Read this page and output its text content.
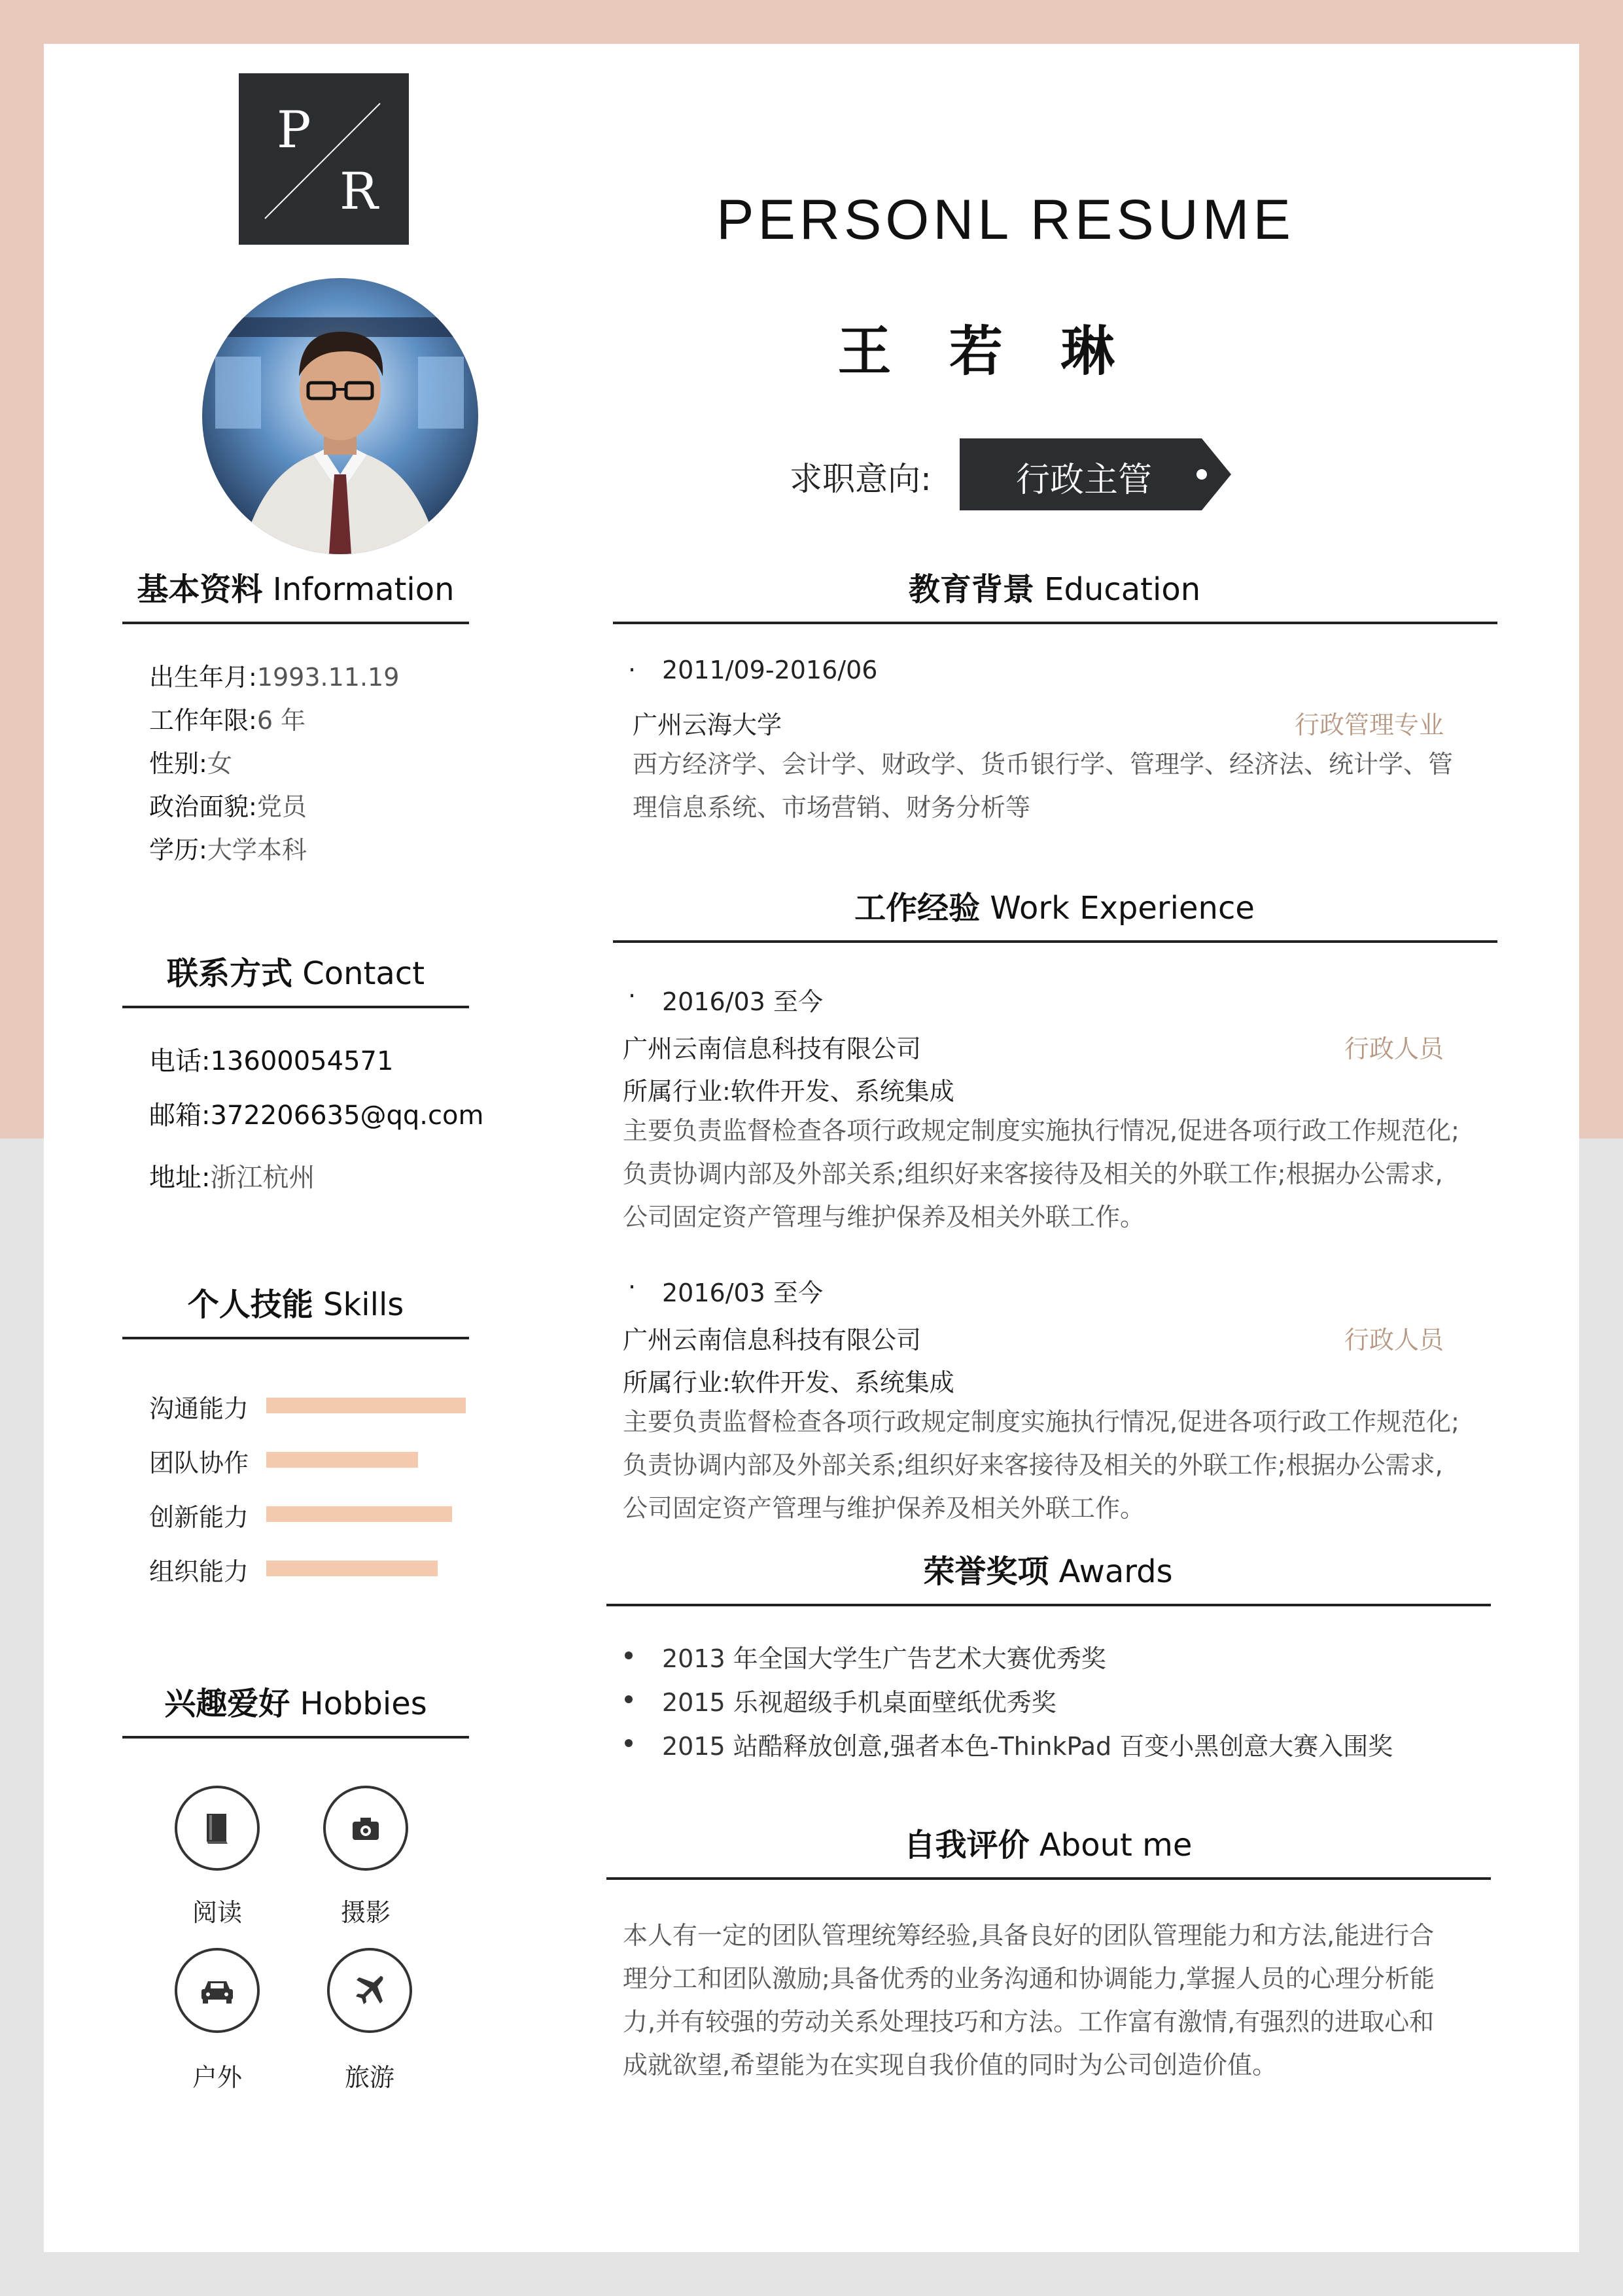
P
R	PERSONL RESUME
王 若 琳
求职意向:	行政主管
基本资料 Information
出生年月:1993.11.19
工作年限:6 年
性别:女
政治面貌:党员
学历:大学本科
联系方式 Contact
电话:13600054571
邮箱:372206635@qq.com
地址:浙江杭州
个人技能 Skills
沟通能力
团队协作
创新能力
组织能力
兴趣爱好 Hobbies
阅读	摄影
户外	旅游
教育背景 Education
· 2011/09-2016/06
广州云海大学	行政管理专业
西方经济学、会计学、财政学、货币银行学、管理学、经济法、统计学、管
理信息系统、市场营销、财务分析等
工作经验 Work Experience
· 2016/03 至今
广州云南信息科技有限公司	行政人员
所属行业:软件开发、系统集成
主要负责监督检查各项行政规定制度实施执行情况,促进各项行政工作规范化;
负责协调内部及外部关系;组织好来客接待及相关的外联工作;根据办公需求,
公司固定资产管理与维护保养及相关外联工作。
· 2016/03 至今
广州云南信息科技有限公司	行政人员
所属行业:软件开发、系统集成
主要负责监督检查各项行政规定制度实施执行情况,促进各项行政工作规范化;
负责协调内部及外部关系;组织好来客接待及相关的外联工作;根据办公需求,
公司固定资产管理与维护保养及相关外联工作。
荣誉奖项 Awards
2013 年全国大学生广告艺术大赛优秀奖
2015 乐视超级手机桌面壁纸优秀奖
2015 站酷释放创意,强者本色-ThinkPad 百变小黑创意大赛入围奖
自我评价 About me
本人有一定的团队管理统筹经验,具备良好的团队管理能力和方法,能进行合
理分工和团队激励;具备优秀的业务沟通和协调能力,掌握人员的心理分析能
力,并有较强的劳动关系处理技巧和方法。工作富有激情,有强烈的进取心和
成就欲望,希望能为在实现自我价值的同时为公司创造价值。
